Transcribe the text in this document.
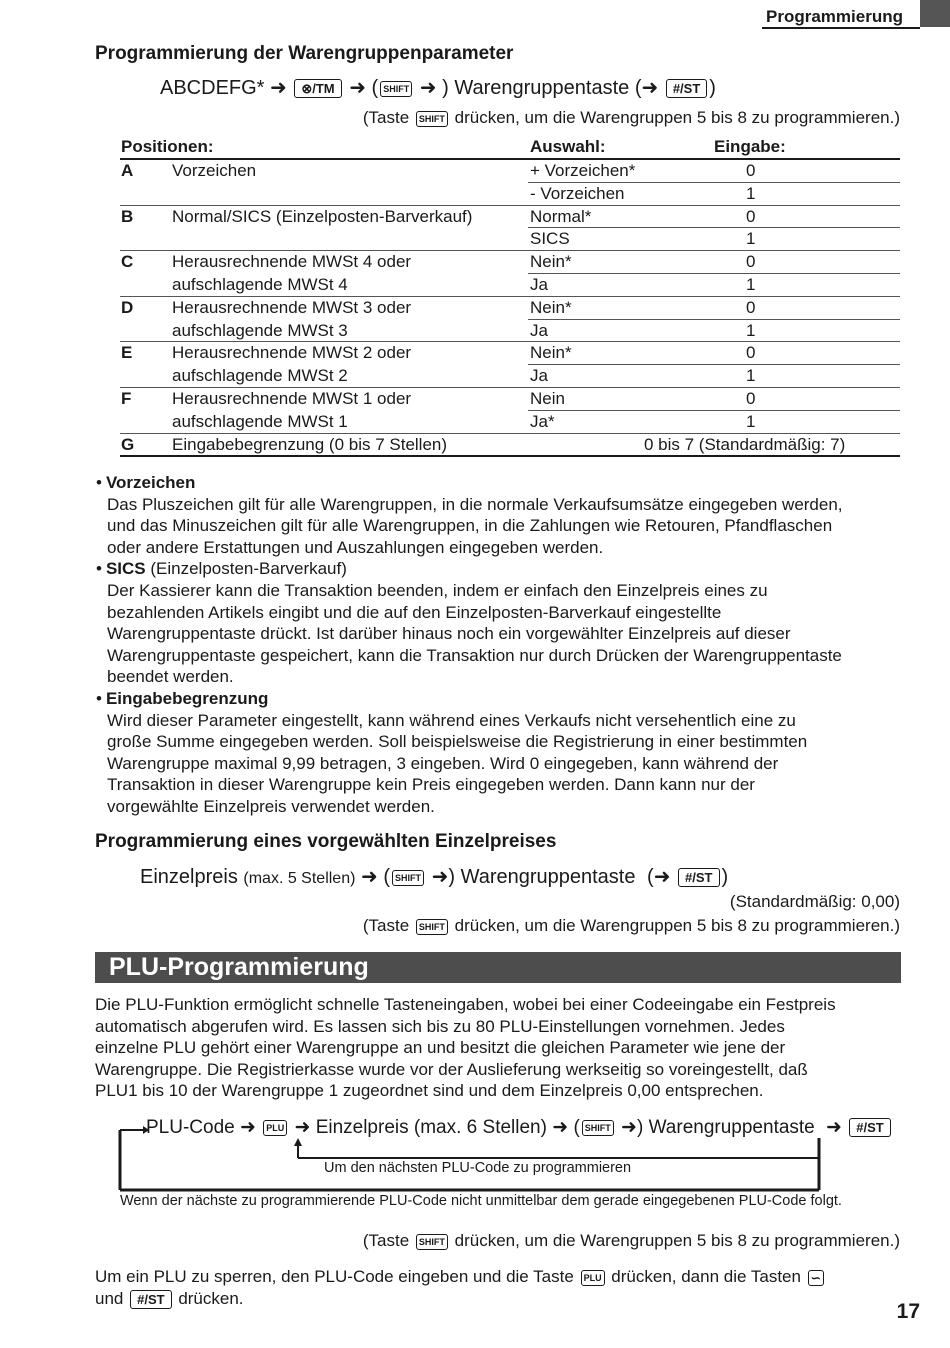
Programmierung
Programmierung der Warengruppenparameter
ABCDEFG* ➜ ⊗/TM ➜ ( SHIFT ➜ ) Warengruppentaste (➜ #/ST )
(Taste SHIFT drücken, um die Warengruppen 5 bis 8 zu programmieren.)
Positionen:	Auswahl:	Eingabe:
A Vorzeichen	+ Vorzeichen*	0
- Vorzeichen	1
B Normal/SICS (Einzelposten-Barverkauf)	Normal*	0
SICS	1
C Herausrechnende MWSt 4 oder	Nein*	0
aufschlagende MWSt 4	Ja	1
D Herausrechnende MWSt 3 oder	Nein*	0
aufschlagende MWSt 3	Ja	1
E Herausrechnende MWSt 2 oder	Nein*	0
aufschlagende MWSt 2	Ja	1
F Herausrechnende MWSt 1 oder	Nein	0
aufschlagende MWSt 1	Ja*	1
G Eingabebegrenzung (0 bis 7 Stellen)	0 bis 7 (Standardmäßig: 7)

• Vorzeichen

Das Pluszeichen gilt für alle Warengruppen, in die normale Verkaufsumsätze eingegeben werden,

und das Minuszeichen gilt für alle Warengruppen, in die Zahlungen wie Retouren, Pfandflaschen

oder andere Erstattungen und Auszahlungen eingegeben werden.

• SICS (Einzelposten-Barverkauf)

Der Kassierer kann die Transaktion beenden, indem er einfach den Einzelpreis eines zu

bezahlenden Artikels eingibt und die auf den Einzelposten-Barverkauf eingestellte

Warengruppentaste drückt. Ist darüber hinaus noch ein vorgewählter Einzelpreis auf dieser

Warengruppentaste gespeichert, kann die Transaktion nur durch Drücken der Warengruppentaste

beendet werden.

• Eingabebegrenzung

Wird dieser Parameter eingestellt, kann während eines Verkaufs nicht versehentlich eine zu

große Summe eingegeben werden. Soll beispielsweise die Registrierung in einer bestimmten

Warengruppe maximal 9,99 betragen, 3 eingeben. Wird 0 eingegeben, kann während der

Transaktion in dieser Warengruppe kein Preis eingegeben werden. Dann kann nur der

vorgewählte Einzelpreis verwendet werden.

Programmierung eines vorgewählten Einzelpreises
Einzelpreis (max. 5 Stellen) ➜ ( SHIFT ➜) Warengruppentaste (➜ #/ST )
(Standardmäßig: 0,00)
(Taste SHIFT drücken, um die Warengruppen 5 bis 8 zu programmieren.)
PLU-Programmierung
Die PLU-Funktion ermöglicht schnelle Tasteneingaben, wobei bei einer Codeeingabe ein Festpreis
automatisch abgerufen wird. Es lassen sich bis zu 80 PLU-Einstellungen vornehmen. Jedes
einzelne PLU gehört einer Warengruppe an und besitzt die gleichen Parameter wie jene der
Warengruppe. Die Registrierkasse wurde vor der Auslieferung werkseitig so voreingestellt, daß
PLU1 bis 10 der Warengruppe 1 zugeordnet sind und dem Einzelpreis 0,00 entsprechen.
PLU-Code ➜ PLU ➜ Einzelpreis (max. 6 Stellen) ➜ ( SHIFT ➜) Warengruppentaste ➜ #/ST
Um den nächsten PLU-Code zu programmieren
Wenn der nächste zu programmierende PLU-Code nicht unmittelbar dem gerade eingegebenen PLU-Code folgt.
(Taste SHIFT drücken, um die Warengruppen 5 bis 8 zu programmieren.)
Um ein PLU zu sperren, den PLU-Code eingeben und die Taste PLU drücken, dann die Tasten ∽
und #/ST drücken.
17
